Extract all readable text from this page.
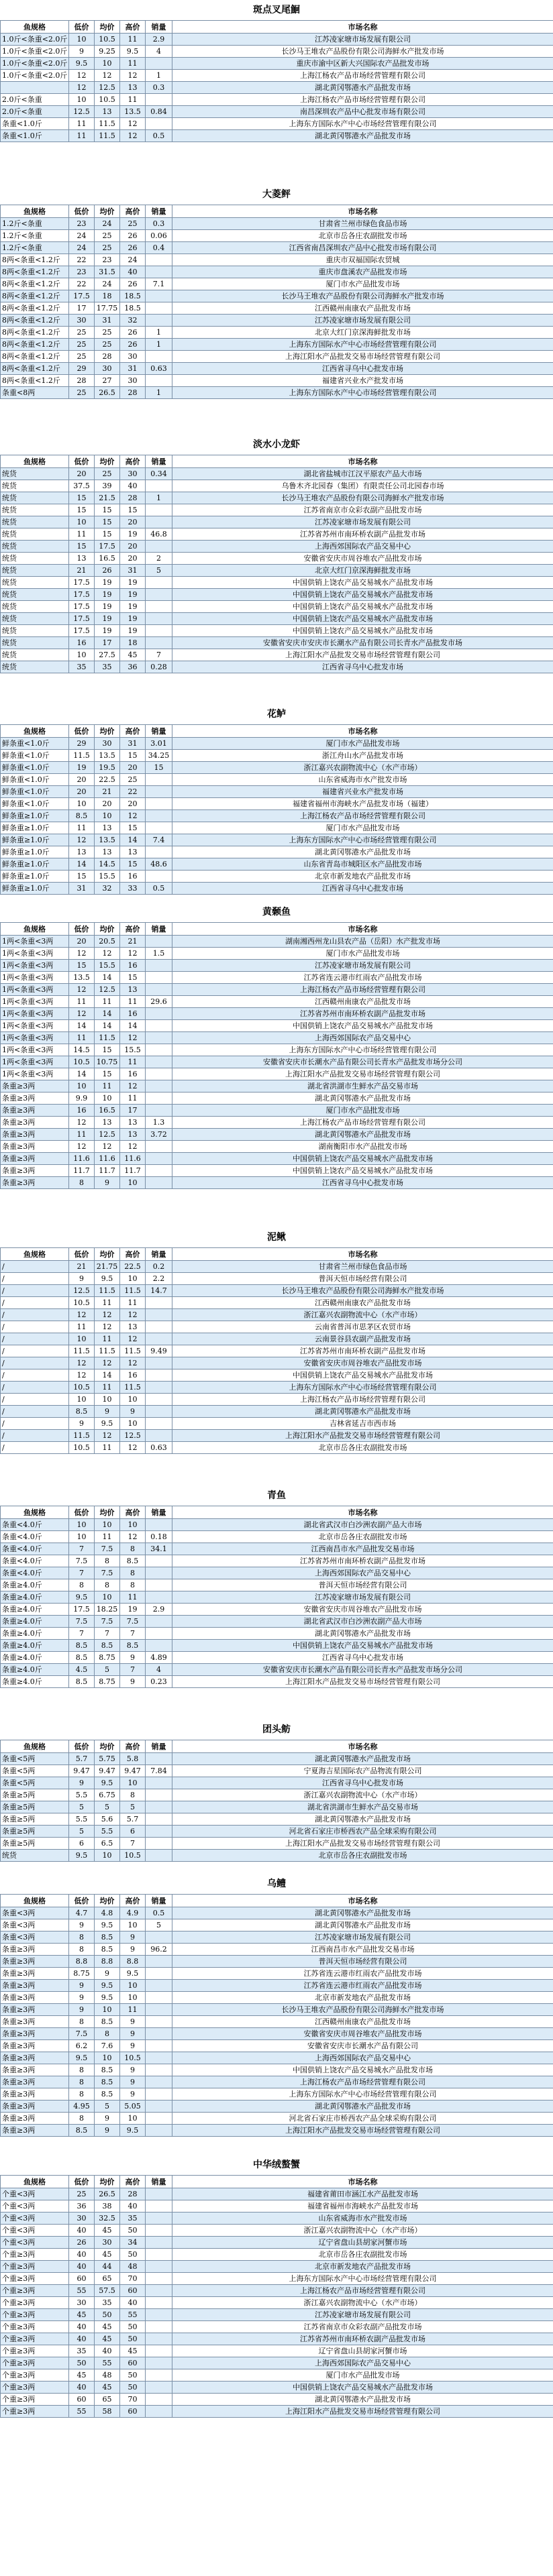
斑点叉尾鮰
鱼规格	低价	均价	高价	销量	市场名称
1.0斤<条重<2.0斤	10	10.5	11	2.9	江苏凌家塘市场发展有限公司
1.0斤<条重<2.0斤	9	9.25	9.5	4	长沙马王堆农产品股份有限公司海鲜水产批发市场
1.0斤<条重<2.0斤	9.5	10	11		重庆市渝中区新大兴国际农产品批发市场
1.0斤<条重<2.0斤	12	12	12	1	上海江杨农产品市场经营管理有限公司
	12	12.5	13	0.3	湖北黄冈鄂港水产品批发市场
2.0斤<条重	10	10.5	11		上海江杨农产品市场经营管理有限公司
2.0斤<条重	12.5	13	13.5	0.84	南昌深圳农产品中心批发市场有限公司
条重<1.0斤	11	11.5	12		上海东方国际水产中心市场经营管理有限公司
条重<1.0斤	11	11.5	12	0.5	湖北黄冈鄂港水产品批发市场
大菱鲆
鱼规格	低价	均价	高价	销量	市场名称
1.2斤<条重	23	24	25	0.3	甘肃省兰州市绿色食品市场
1.2斤<条重	24	25	26	0.06	北京市岳各庄农副批发市场
1.2斤<条重	24	25	26	0.4	江西省南昌深圳农产品中心批发市场有限公司
8两<条重<1.2斤	22	23	24		重庆市双福国际农贸城
8两<条重<1.2斤	23	31.5	40		重庆市盘溪农产品批发市场
8两<条重<1.2斤	22	24	26	7.1	厦门市水产品批发市场
8两<条重<1.2斤	17.5	18	18.5		长沙马王堆农产品股份有限公司海鲜水产批发市场
8两<条重<1.2斤	17	17.75	18.5		江西赣州南康农产品批发市场
8两<条重<1.2斤	30	31	32		江苏凌家塘市场发展有限公司
8两<条重<1.2斤	25	25	26	1	北京大红门京深海鲜批发市场
8两<条重<1.2斤	25	25	26	1	上海东方国际水产中心市场经营管理有限公司
8两<条重<1.2斤	25	28	30		上海江阳水产品批发交易市场经营管理有限公司
8两<条重<1.2斤	29	30	31	0.63	江西省寻乌中心批发市场
8两<条重<1.2斤	28	27	30		福建省兴业水产批发市场
条重<8两	25	26.5	28	1	上海东方国际水产中心市场经营管理有限公司
淡水小龙虾
鱼规格	低价	均价	高价	销量	市场名称
统货	20	25	30	0.34	湖北省盐城市江汉平原农产品大市场
统货	37.5	39	40		乌鲁木齐北园春（集团）有限责任公司北园春市场
统货	15	21.5	28	1	长沙马王堆农产品股份有限公司海鲜水产批发市场
统货	15	15	15		江苏省南京市众彩农副产品批发市场
统货	10	15	20		江苏凌家塘市场发展有限公司
统货	11	15	19	46.8	江苏省苏州市南环桥农副产品批发市场
统货	15	17.5	20		上海西郊国际农产品交易中心
统货	13	16.5	20	2	安徽省安庆市周谷堆农产品批发市场
统货	21	26	31	5	北京大红门京深海鲜批发市场
统货	17.5	19	19		中国供销上饶农产品交易城水产品批发市场
统货	17.5	19	19		中国供销上饶农产品交易城水产品批发市场
统货	17.5	19	19		中国供销上饶农产品交易城水产品批发市场
统货	17.5	19	19		中国供销上饶农产品交易城水产品批发市场
统货	17.5	19	19		中国供销上饶农产品交易城水产品批发市场
统货	16	17	18		安徽省安庆市安庆市长潮水产品有限公司长青水产品批发市场
统货	10	27.5	45	7	上海江阳水产品批发交易市场经营管理有限公司
统货	35	35	36	0.28	江西省寻乌中心批发市场
花鲈
鱼规格	低价	均价	高价	销量	市场名称
鲜条重<1.0斤	29	30	31	3.01	厦门市水产品批发市场
鲜条重<1.0斤	11.5	13.5	15	34.25	浙江舟山水产品批发市场
鲜条重<1.0斤	19	19.5	20	15	浙江嘉兴农副物流中心（水产市场）
鲜条重<1.0斤	20	22.5	25		山东省威海市水产批发市场
鲜条重<1.0斤	20	21	22		福建省兴业水产批发市场
鲜条重<1.0斤	10	20	20		福建省福州市海峡水产品批发市场（福建）
鲜条重≥1.0斤	8.5	10	12		上海江杨农产品市场经营管理有限公司
鲜条重≥1.0斤	11	13	15		厦门市水产品批发市场
鲜条重≥1.0斤	12	13.5	14	7.4	上海东方国际水产中心市场经营管理有限公司
鲜条重≥1.0斤	13	13	13		湖北黄冈鄂港水产品批发市场
鲜条重≥1.0斤	14	14.5	15	48.6	山东省青岛市城阳区水产品批发市场
鲜条重≥1.0斤	15	15.5	16		北京市新发地农产品批发市场
鲜条重≥1.0斤	31	32	33	0.5	江西省寻乌中心批发市场
黄颡鱼
鱼规格	低价	均价	高价	销量	市场名称
1两<条重<3两	20	20.5	21		湖南湘西州龙山县农产品（岳阳）水产批发市场
1两<条重<3两	12	12	12	1.5	厦门市水产品批发市场
1两<条重<3两	15	15.5	16		江苏凌家塘市场发展有限公司
1两<条重<3两	13.5	14	15		江苏省连云港市红雨农产品批发市场
1两<条重<3两	12	12.5	13		上海江杨农产品市场经营管理有限公司
1两<条重<3两	11	11	11	29.6	江西赣州南康农产品批发市场
1两<条重<3两	12	14	16		江苏省苏州市南环桥农副产品批发市场
1两<条重<3两	14	14	14		中国供销上饶农产品交易城水产品批发市场
1两<条重<3两	11	11.5	12		上海西郊国际农产品交易中心
1两<条重<3两	14.5	15	15.5		上海东方国际水产中心市场经营管理有限公司
1两<条重<3两	10.5	10.75	11		安徽省安庆市长潮水产品有限公司长青水产品批发市场分公司
1两<条重<3两	14	15	16		上海江阳水产品批发交易市场经营管理有限公司
条重≥3两	10	11	12		湖北省洪湖市生鲜水产品交易市场
条重≥3两	9.9	10	11		湖北黄冈鄂港水产品批发市场
条重≥3两	16	16.5	17		厦门市水产品批发市场
条重≥3两	12	13	13	1.3	上海江杨农产品市场经营管理有限公司
条重≥3两	11	12.5	13	3.72	湖北黄冈鄂港水产品批发市场
条重≥3两	12	12	12		湖南衡阳市水产品批发市场
条重≥3两	11.6	11.6	11.6		中国供销上饶农产品交易城水产品批发市场
条重≥3两	11.7	11.7	11.7		中国供销上饶农产品交易城水产品批发市场
条重≥3两	8	9	10		江西省寻乌中心批发市场
泥鳅
鱼规格	低价	均价	高价	销量	市场名称
/	21	21.75	22.5	0.2	甘肃省兰州市绿色食品市场
/	9	9.5	10	2.2	普洱天恒市场经营有限公司
/	12.5	11.5	11.5	14.7	长沙马王堆农产品股份有限公司海鲜水产批发市场
/	10.5	11	11		江西赣州南康农产品批发市场
/	12	12	12		浙江嘉兴农副物流中心（水产市场）
/	11	12	13		云南省普洱市思茅区农贸市场
/	10	11	12		云南景谷县农副产品批发市场
/	11.5	11.5	11.5	9.49	江苏省苏州市南环桥农副产品批发市场
/	12	12	12		安徽省安庆市周谷堆农产品批发市场
/	12	14	16		中国供销上饶农产品交易城水产品批发市场
/	10.5	11	11.5		上海东方国际水产中心市场经营管理有限公司
/	10	10	10		上海江杨农产品市场经营管理有限公司
/	8.5	9	9		湖北黄冈鄂港水产品批发市场
/	9	9.5	10		吉林省延吉市西市场
/	11.5	12	12.5		上海江阳水产品批发交易市场经营管理有限公司
/	10.5	11	12	0.63	北京市岳各庄农副批发市场
青鱼
鱼规格	低价	均价	高价	销量	市场名称
条重<4.0斤	10	10	10		湖北省武汉市白沙洲农副产品大市场
条重<4.0斤	10	11	12	0.18	北京市岳各庄农副批发市场
条重<4.0斤	7	7.5	8	34.1	江西南昌市水产品批发交易市场
条重<4.0斤	7.5	8	8.5		江苏省苏州市南环桥农副产品批发市场
条重<4.0斤	7	7.5	8		上海西郊国际农产品交易中心
条重≥4.0斤	8	8	8		普洱天恒市场经营有限公司
条重≥4.0斤	9.5	10	11		江苏凌家塘市场发展有限公司
条重≥4.0斤	17.5	18.25	19	2.9	安徽省安庆市周谷堆农产品批发市场
条重≥4.0斤	7.5	7.5	7.5		湖北省武汉市白沙洲农副产品大市场
条重≥4.0斤	7	7	7		湖北黄冈鄂港水产品批发市场
条重≥4.0斤	8.5	8.5	8.5		中国供销上饶农产品交易城水产品批发市场
条重≥4.0斤	8.5	8.75	9	4.89	江西省寻乌中心批发市场
条重≥4.0斤	4.5	5	7	4	安徽省安庆市长潮水产品有限公司长青水产品批发市场分公司
条重≥4.0斤	8.5	8.75	9	0.23	上海江阳水产品批发交易市场经营管理有限公司
团头鲂
鱼规格	低价	均价	高价	销量	市场名称
条重<5两	5.7	5.75	5.8		湖北黄冈鄂港水产品批发市场
条重<5两	9.47	9.47	9.47	7.84	宁夏海吉星国际农产品物流有限公司
条重<5两	9	9.5	10		江西省寻乌中心批发市场
条重≥5两	5.5	6.75	8		浙江嘉兴农副物流中心（水产市场）
条重≥5两	5	5	5		湖北省洪湖市生鲜水产品交易市场
条重≥5两	5.5	5.6	5.7		湖北黄冈鄂港水产品批发市场
条重≥5两	5	5.5	6		河北省石家庄市桥西农产品全球采购有限公司
条重≥5两	6	6.5	7		上海江阳水产品批发交易市场经营管理有限公司
统货	9.5	10	10.5		北京市岳各庄农副批发市场
乌鳢
鱼规格	低价	均价	高价	销量	市场名称
条重<3两	4.7	4.8	4.9	0.5	湖北黄冈鄂港水产品批发市场
条重<3两	9	9.5	10	5	湖北黄冈鄂港水产品批发市场
条重<3两	8	8.5	9		江苏凌家塘市场发展有限公司
条重≥3两	8	8.5	9	96.2	江西南昌市水产品批发交易市场
条重≥3两	8.8	8.8	8.8		普洱天恒市场经营有限公司
条重≥3两	8.75	9	9.5		江苏省连云港市红雨农产品批发市场
条重≥3两	9	9.5	10		江苏省连云港市红雨农产品批发市场
条重≥3两	9	9.5	10		北京市新发地农产品批发市场
条重≥3两	9	10	11		长沙马王堆农产品股份有限公司海鲜水产批发市场
条重≥3两	8	8.5	9		江西赣州南康农产品批发市场
条重≥3两	7.5	8	9		安徽省安庆市周谷堆农产品批发市场
条重≥3两	6.2	7.6	9		安徽省安庆市长潮水产品有限公司
条重≥3两	9.5	10	10.5		上海西郊国际农产品交易中心
条重≥3两	8	8.5	9		中国供销上饶农产品交易城水产品批发市场
条重≥3两	8	8.5	9		上海江杨农产品市场经营管理有限公司
条重≥3两	8	8.5	9		上海东方国际水产中心市场经营管理有限公司
条重≥3两	4.95	5	5.05		湖北黄冈鄂港水产品批发市场
条重≥3两	8	9	10		河北省石家庄市桥西农产品全球采购有限公司
条重≥3两	8.5	9	9.5		上海江阳水产品批发交易市场经营管理有限公司
中华绒螯蟹
鱼规格	低价	均价	高价	销量	市场名称
个重<3两	25	26.5	28		福建省莆田市涵江水产品批发市场
个重<3两	36	38	40		福建省福州市海峡水产品批发市场
个重<3两	30	32.5	35		山东省威海市水产批发市场
个重<3两	40	45	50		浙江嘉兴农副物流中心（水产市场）
个重<3两	26	30	34		辽宁省盘山县胡家河蟹市场
个重≥3两	40	45	50		北京市岳各庄农副批发市场
个重≥3两	40	44	48		北京市新发地农产品批发市场
个重≥3两	60	65	70		上海东方国际水产中心市场经营管理有限公司
个重≥3两	55	57.5	60		上海江杨农产品市场经营管理有限公司
个重≥3两	30	35	40		浙江嘉兴农副物流中心（水产市场）
个重≥3两	45	50	55		江苏凌家塘市场发展有限公司
个重≥3两	40	45	50		江苏省南京市众彩农副产品批发市场
个重≥3两	40	45	50		江苏省苏州市南环桥农副产品批发市场
个重≥3两	35	40	45		辽宁省盘山县胡家河蟹市场
个重≥3两	50	55	60		上海西郊国际农产品交易中心
个重≥3两	45	48	50		厦门市水产品批发市场
个重≥3两	40	45	50		中国供销上饶农产品交易城水产品批发市场
个重≥3两	60	65	70		湖北黄冈鄂港水产品批发市场
个重≥3两	55	58	60		上海江阳水产品批发交易市场经营管理有限公司
